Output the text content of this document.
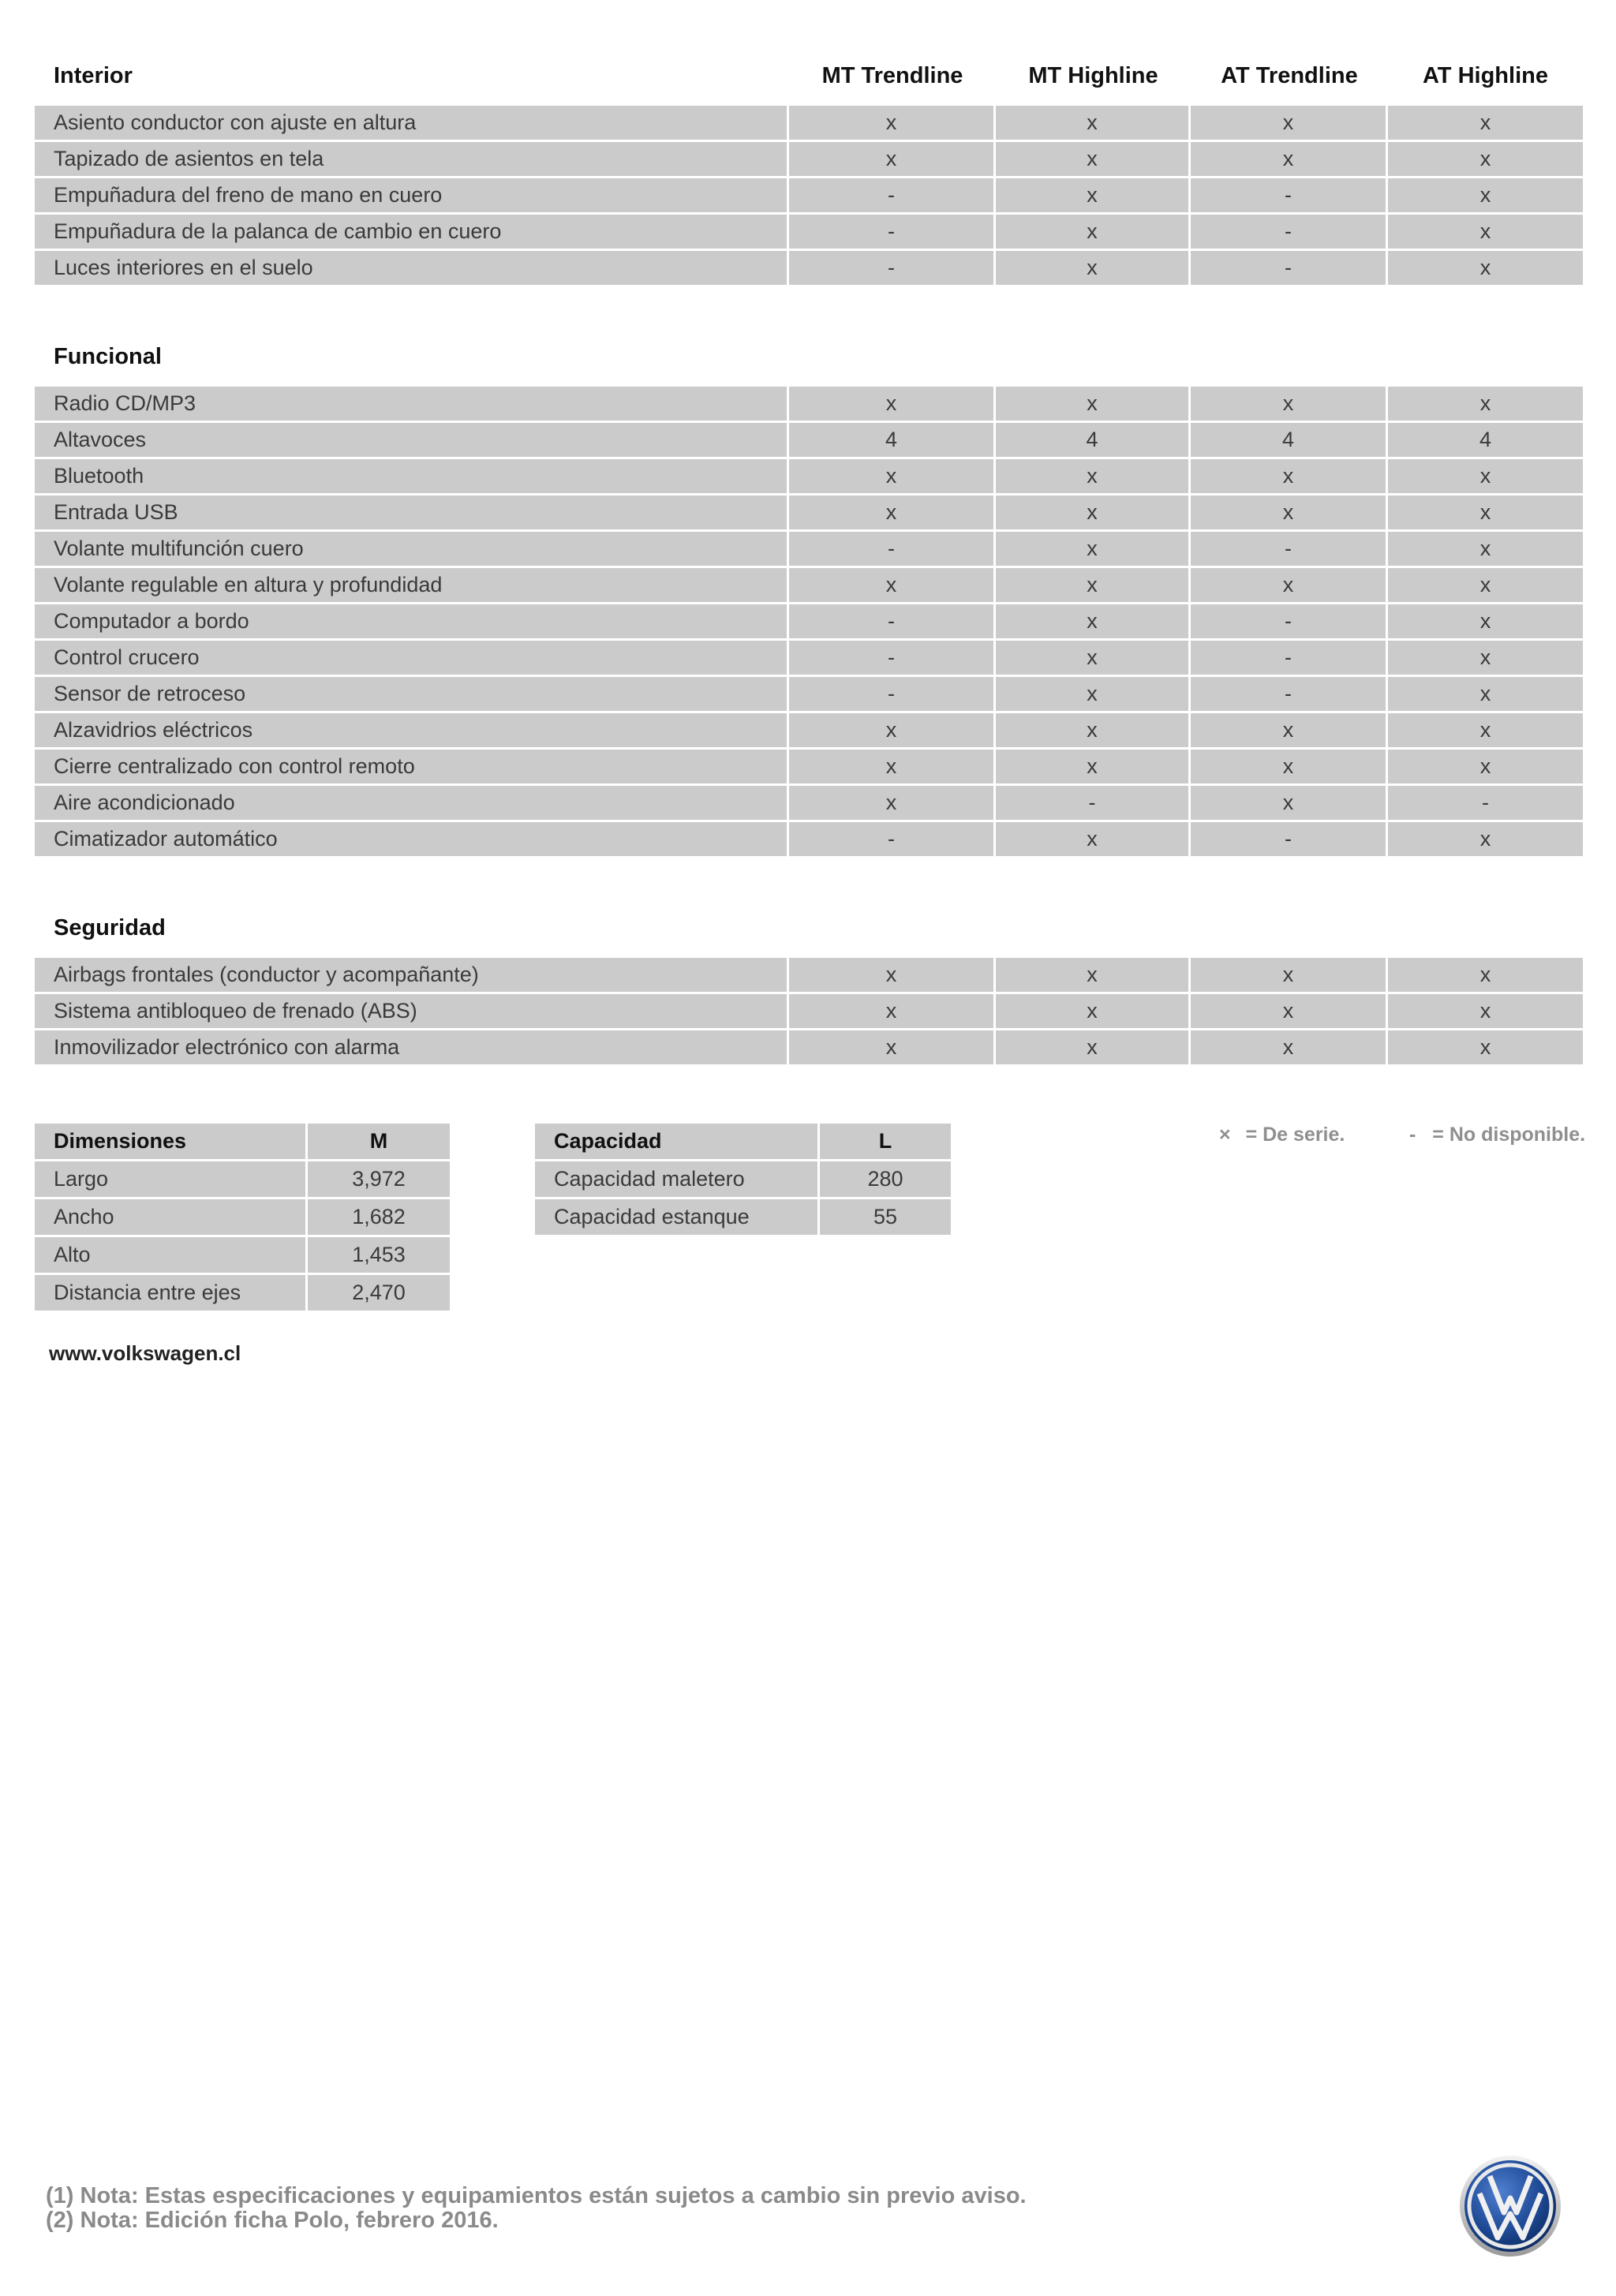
Interior	MT Trendline	MT Highline	AT Trendline	AT Highline
Asiento conductor con ajuste en altura	x	x	x	x
Tapizado de asientos en tela	x	x	x	x
Empuñadura del freno de mano en cuero	-	x	-	x
Empuñadura de la palanca de cambio en cuero	-	x	-	x
Luces interiores en el suelo	-	x	-	x
Funcional
Radio CD/MP3	x	x	x	x
Altavoces	4	4	4	4
Bluetooth	x	x	x	x
Entrada USB	x	x	x	x
Volante multifunción cuero	-	x	-	x
Volante regulable en altura y profundidad	x	x	x	x
Computador a bordo	-	x	-	x
Control crucero	-	x	-	x
Sensor de retroceso	-	x	-	x
Alzavidrios eléctricos	x	x	x	x
Cierre centralizado con control remoto	x	x	x	x
Aire acondicionado	x	-	x	-
Cimatizador automático	-	x	-	x
Seguridad
Airbags frontales (conductor y acompañante)	x	x	x	x
Sistema antibloqueo de frenado (ABS)	x	x	x	x
Inmovilizador electrónico con alarma	x	x	x	x
Dimensiones	M
Largo	3,972
Ancho	1,682
Alto	1,453
Distancia entre ejes	2,470
Capacidad	L
Capacidad maletero	280
Capacidad estanque	55
× = De serie.	- = No disponible.
www.volkswagen.cl
(1) Nota: Estas especificaciones y equipamientos están sujetos a cambio sin previo aviso.
(2) Nota: Edición ficha Polo, febrero 2016.
